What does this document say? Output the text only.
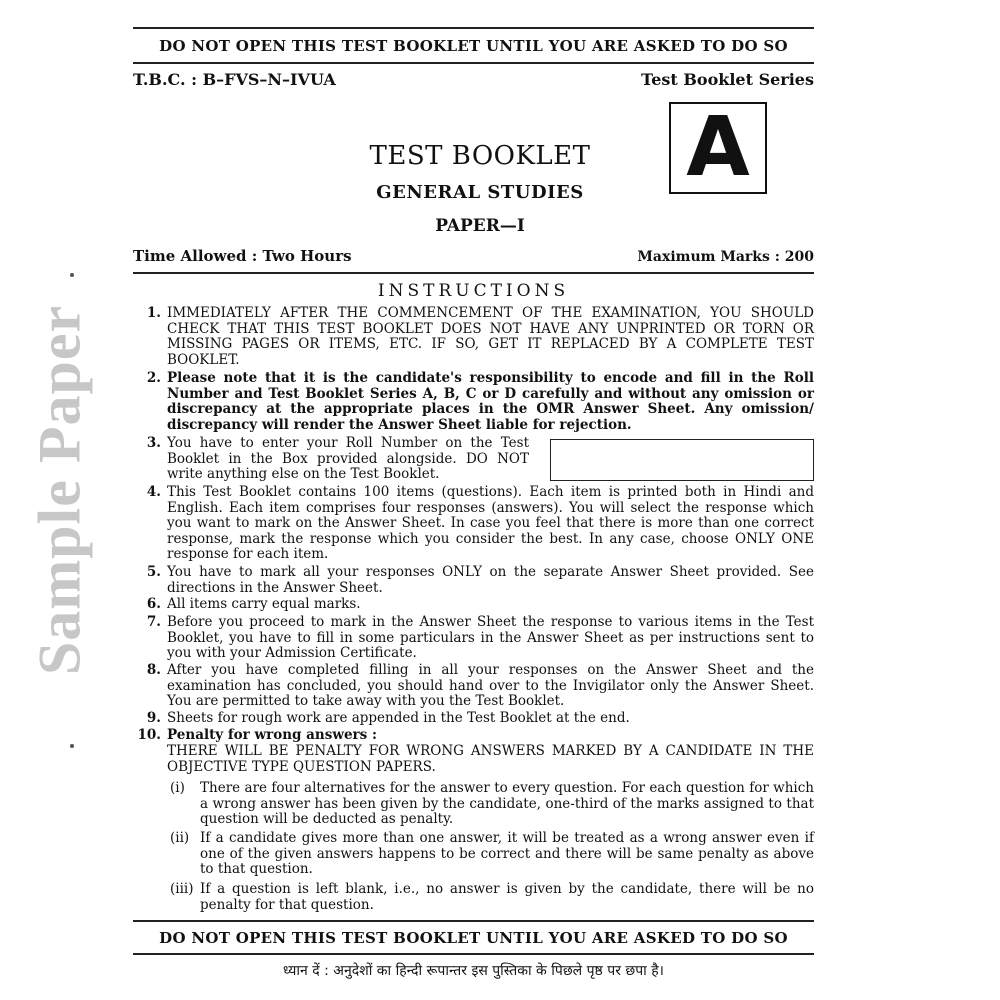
Sample Paper
DO NOT OPEN THIS TEST BOOKLET UNTIL YOU ARE ASKED TO DO SO
T.B.C. : B–FVS–N–IVUA	Test Booklet Series
A
TEST BOOKLET
GENERAL STUDIES
PAPER—I
Time Allowed : Two Hours	Maximum Marks : 200
INSTRUCTIONS
1. IMMEDIATELY AFTER THE COMMENCEMENT OF THE EXAMINATION, YOU SHOULD CHECK THAT THIS TEST BOOKLET DOES NOT HAVE ANY UNPRINTED OR TORN OR MISSING PAGES OR ITEMS, ETC. IF SO, GET IT REPLACED BY A COMPLETE TEST BOOKLET.
2. Please note that it is the candidate's responsibility to encode and fill in the Roll Number and Test Booklet Series A, B, C or D carefully and without any omission or discrepancy at the appropriate places in the OMR Answer Sheet. Any omission/ discrepancy will render the Answer Sheet liable for rejection.
3. You have to enter your Roll Number on the Test Booklet in the Box provided alongside. DO NOT write anything else on the Test Booklet.
4. This Test Booklet contains 100 items (questions). Each item is printed both in Hindi and English. Each item comprises four responses (answers). You will select the response which you want to mark on the Answer Sheet. In case you feel that there is more than one correct response, mark the response which you consider the best. In any case, choose ONLY ONE response for each item.
5. You have to mark all your responses ONLY on the separate Answer Sheet provided. See directions in the Answer Sheet.
6. All items carry equal marks.
7. Before you proceed to mark in the Answer Sheet the response to various items in the Test Booklet, you have to fill in some particulars in the Answer Sheet as per instructions sent to you with your Admission Certificate.
8. After you have completed filling in all your responses on the Answer Sheet and the examination has concluded, you should hand over to the Invigilator only the Answer Sheet. You are permitted to take away with you the Test Booklet.
9. Sheets for rough work are appended in the Test Booklet at the end.
10. Penalty for wrong answers :
THERE WILL BE PENALTY FOR WRONG ANSWERS MARKED BY A CANDIDATE IN THE OBJECTIVE TYPE QUESTION PAPERS.
(i)	There are four alternatives for the answer to every question. For each question for which a wrong answer has been given by the candidate, one-third of the marks assigned to that question will be deducted as penalty.
(ii) If a candidate gives more than one answer, it will be treated as a wrong answer even if one of the given answers happens to be correct and there will be same penalty as above to that question.
(iii) If a question is left blank, i.e., no answer is given by the candidate, there will be no penalty for that question.
DO NOT OPEN THIS TEST BOOKLET UNTIL YOU ARE ASKED TO DO SO
ध्यान दें : अनुदेशों का हिन्दी रूपान्तर इस पुस्तिका के पिछले पृष्ठ पर छपा है।
